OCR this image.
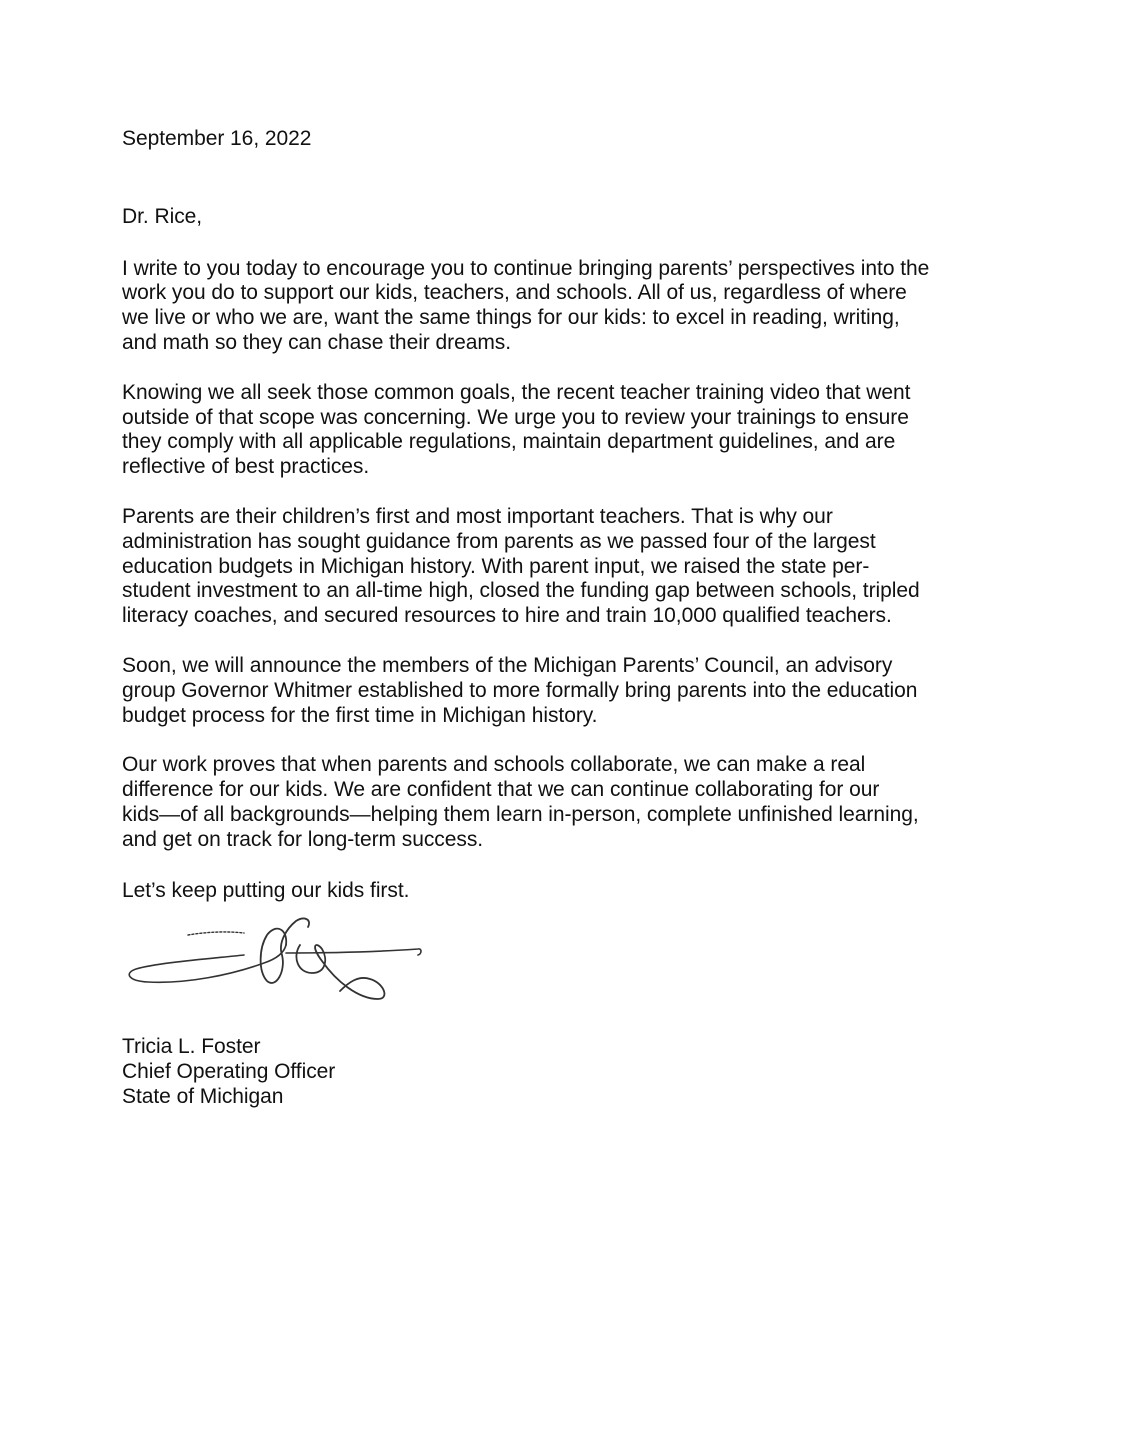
September 16, 2022

Dr. Rice,

I write to you today to encourage you to continue bringing parents’ perspectives into the
work you do to support our kids, teachers, and schools. All of us, regardless of where
we live or who we are, want the same things for our kids: to excel in reading, writing,
and math so they can chase their dreams.

Knowing we all seek those common goals, the recent teacher training video that went
outside of that scope was concerning. We urge you to review your trainings to ensure
they comply with all applicable regulations, maintain department guidelines, and are
reflective of best practices.

Parents are their children’s first and most important teachers. That is why our
administration has sought guidance from parents as we passed four of the largest
education budgets in Michigan history. With parent input, we raised the state per-
student investment to an all-time high, closed the funding gap between schools, tripled
literacy coaches, and secured resources to hire and train 10,000 qualified teachers.

Soon, we will announce the members of the Michigan Parents’ Council, an advisory
group Governor Whitmer established to more formally bring parents into the education
budget process for the first time in Michigan history.

Our work proves that when parents and schools collaborate, we can make a real
difference for our kids. We are confident that we can continue collaborating for our
kids—of all backgrounds—helping them learn in-person, complete unfinished learning,
and get on track for long-term success.

Let’s keep putting our kids first.

Tricia L. Foster
Chief Operating Officer
State of Michigan
